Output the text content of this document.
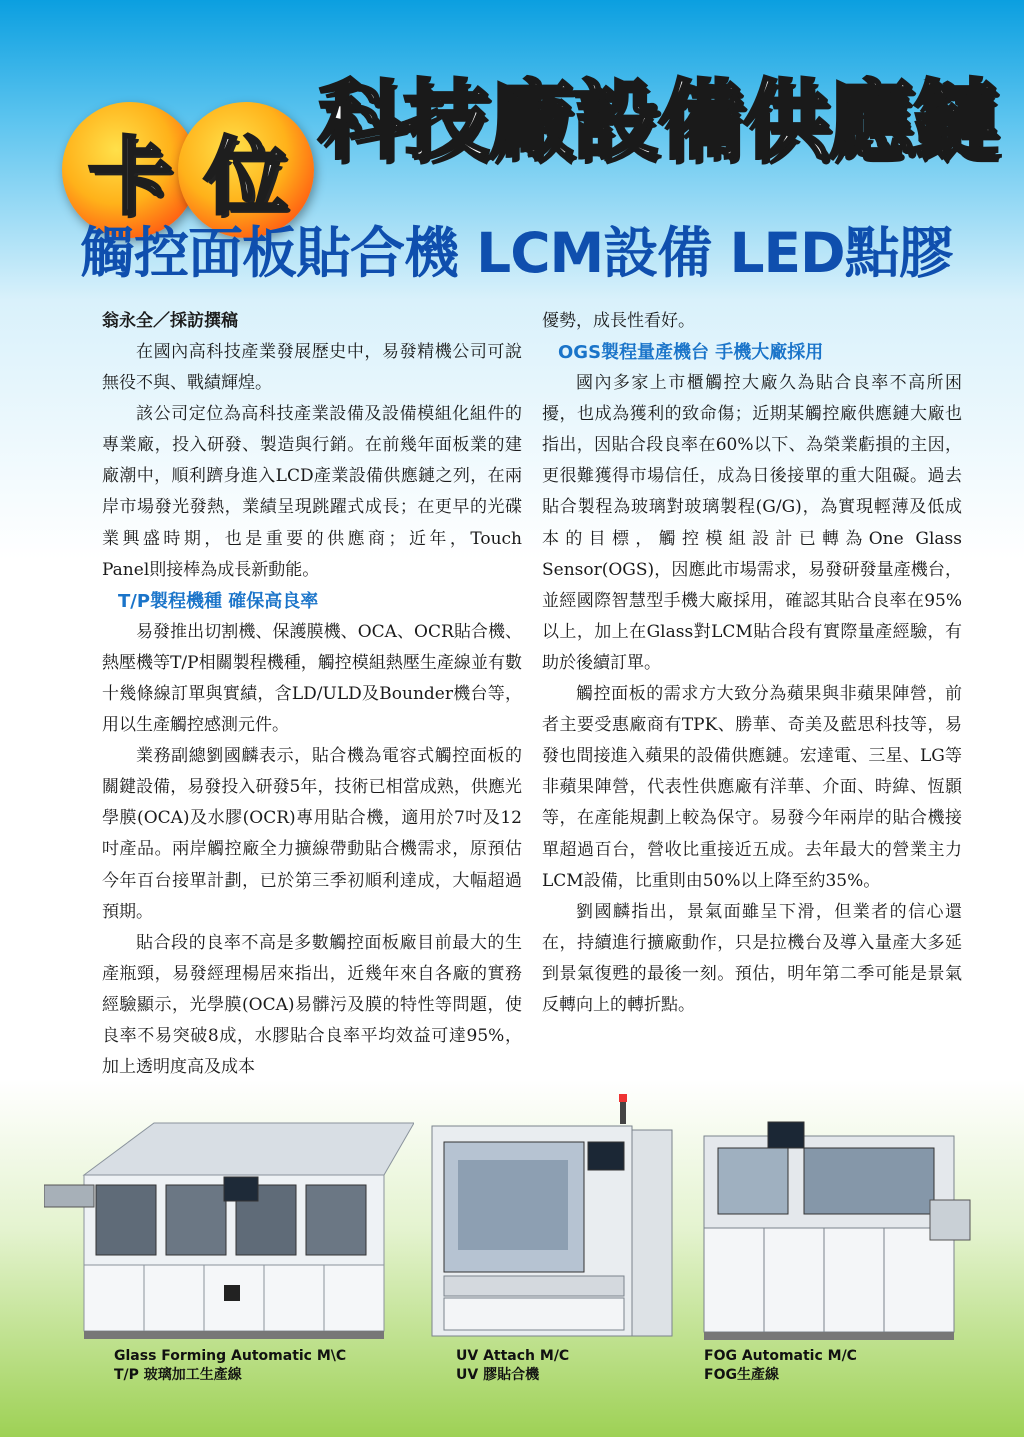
卡 位
科技廠設備供應鏈
觸控面板貼合機 LCM設備 LED點膠

翁永全／採訪撰稿

在國內高科技產業發展歷史中，易發精機公司可說無役不與、戰績輝煌。

該公司定位為高科技產業設備及設備模組化組件的專業廠，投入研發、製造與行銷。在前幾年面板業的建廠潮中，順利躋身進入LCD產業設備供應鏈之列，在兩岸市場發光發熱，業績呈現跳躍式成長；在更早的光碟業興盛時期，也是重要的供應商；近年，Touch　Panel則接棒為成長新動能。

T/P製程機種 確保高良率

易發推出切割機、保護膜機、OCA、OCR貼合機、熱壓機等T/P相關製程機種，觸控模組熱壓生產線並有數十幾條線訂單與實績，含LD/ULD及Bounder機台等，用以生產觸控感測元件。

業務副總劉國麟表示，貼合機為電容式觸控面板的關鍵設備，易發投入研發5年，技術已相當成熟，供應光學膜(OCA)及水膠(OCR)專用貼合機，適用於7吋及12吋產品。兩岸觸控廠全力擴線帶動貼合機需求，原預估今年百台接單計劃，已於第三季初順利達成，大幅超過預期。

貼合段的良率不高是多數觸控面板廠目前最大的生產瓶頸，易發經理楊居來指出，近幾年來自各廠的實務經驗顯示，光學膜(OCA)易髒污及膜的特性等問題，使良率不易突破8成，水膠貼合良率平均效益可達95%，加上透明度高及成本

優勢，成長性看好。

OGS製程量產機台 手機大廠採用

國內多家上市櫃觸控大廠久為貼合良率不高所困擾，也成為獲利的致命傷；近期某觸控廠供應鏈大廠也指出，因貼合段良率在60%以下、為榮業虧損的主因，更很難獲得市場信任，成為日後接單的重大阻礙。過去貼合製程為玻璃對玻璃製程(G/G)，為實現輕薄及低成本的目標，觸控模組設計已轉為One Glass Sensor(OGS)，因應此市場需求，易發研發量產機台，並經國際智慧型手機大廠採用，確認其貼合良率在95%以上，加上在Glass對LCM貼合段有實際量產經驗，有助於後續訂單。

觸控面板的需求方大致分為蘋果與非蘋果陣營，前者主要受惠廠商有TPK、勝華、奇美及藍思科技等，易發也間接進入蘋果的設備供應鏈。宏達電、三星、LG等非蘋果陣營，代表性供應廠有洋華、介面、時緯、恆顥等，在產能規劃上較為保守。易發今年兩岸的貼合機接單超過百台，營收比重接近五成。去年最大的營業主力LCM設備，比重則由50%以上降至約35%。

劉國麟指出，景氣面雖呈下滑，但業者的信心還在，持續進行擴廠動作，只是拉機台及導入量產大多延到景氣復甦的最後一刻。預估，明年第二季可能是景氣反轉向上的轉折點。

Glass Forming Automatic M\C
T/P 玻璃加工生產線
UV Attach M/C
UV 膠貼合機
FOG Automatic M/C
FOG生產線
